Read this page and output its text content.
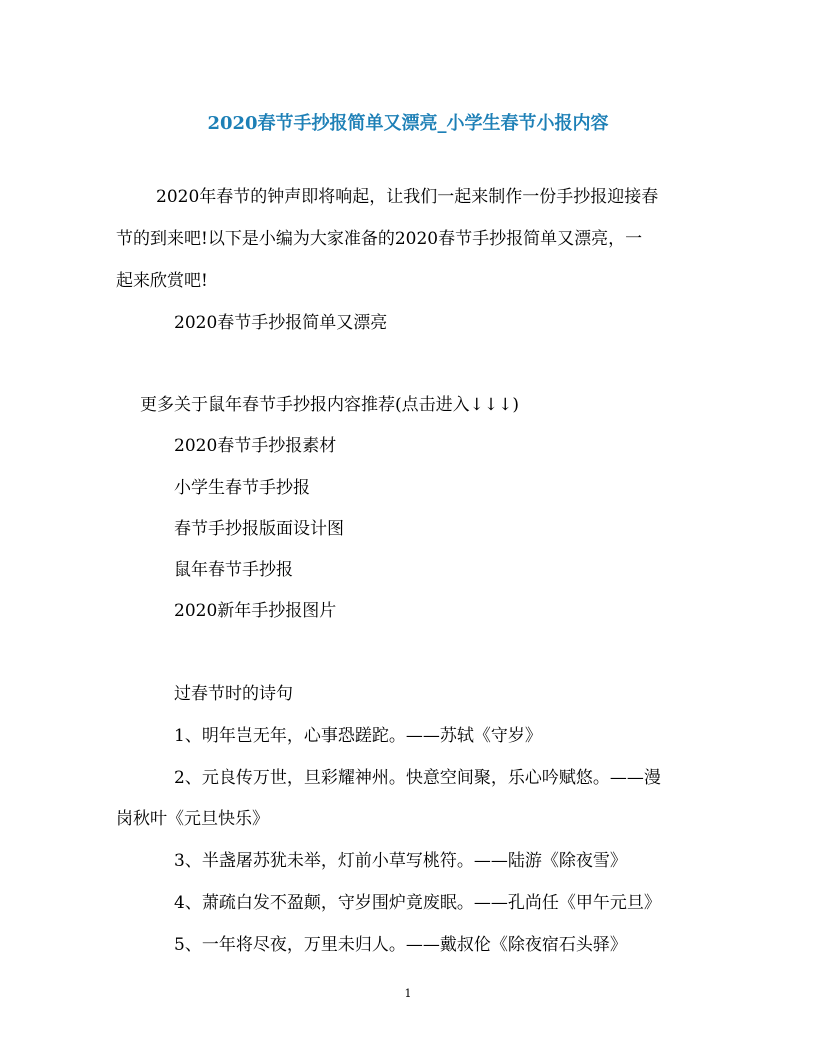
2020春节手抄报简单又漂亮_小学生春节小报内容
2020年春节的钟声即将响起，让我们一起来制作一份手抄报迎接春
节的到来吧!以下是小编为大家准备的2020春节手抄报简单又漂亮，一
起来欣赏吧!
2020春节手抄报简单又漂亮
更多关于鼠年春节手抄报内容推荐(点击进入↓↓↓)
2020春节手抄报素材
小学生春节手抄报
春节手抄报版面设计图
鼠年春节手抄报
2020新年手抄报图片
过春节时的诗句
1、明年岂无年，心事恐蹉跎。——苏轼《守岁》
2、元良传万世，旦彩耀神州。快意空间聚，乐心吟赋悠。——漫
岗秋叶《元旦快乐》
3、半盏屠苏犹未举，灯前小草写桃符。——陆游《除夜雪》
4、萧疏白发不盈颠，守岁围炉竟废眠。——孔尚任《甲午元旦》
5、一年将尽夜，万里未归人。——戴叔伦《除夜宿石头驿》
1
